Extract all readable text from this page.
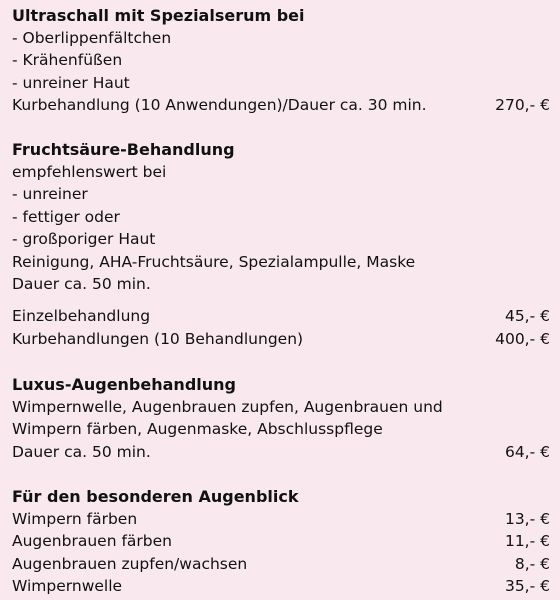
Ultraschall mit Spezialserum bei
- Oberlippenfältchen
- Krähenfüßen
- unreiner Haut
Kurbehandlung (10 Anwendungen)/Dauer ca. 30 min.	270,- €
Fruchtsäure-Behandlung
empfehlenswert bei
- unreiner
- fettiger oder
- großporiger Haut
Reinigung, AHA-Fruchtsäure, Spezialampulle, Maske
Dauer ca. 50 min.
Einzelbehandlung	45,- €
Kurbehandlungen (10 Behandlungen)	400,- €
Luxus-Augenbehandlung
Wimpernwelle, Augenbrauen zupfen, Augenbrauen und
Wimpern färben, Augenmaske, Abschlusspflege
Dauer ca. 50 min.	64,- €
Für den besonderen Augenblick
Wimpern färben	13,- €
Augenbrauen färben	11,- €
Augenbrauen zupfen/wachsen	8,- €
Wimpernwelle	35,- €
